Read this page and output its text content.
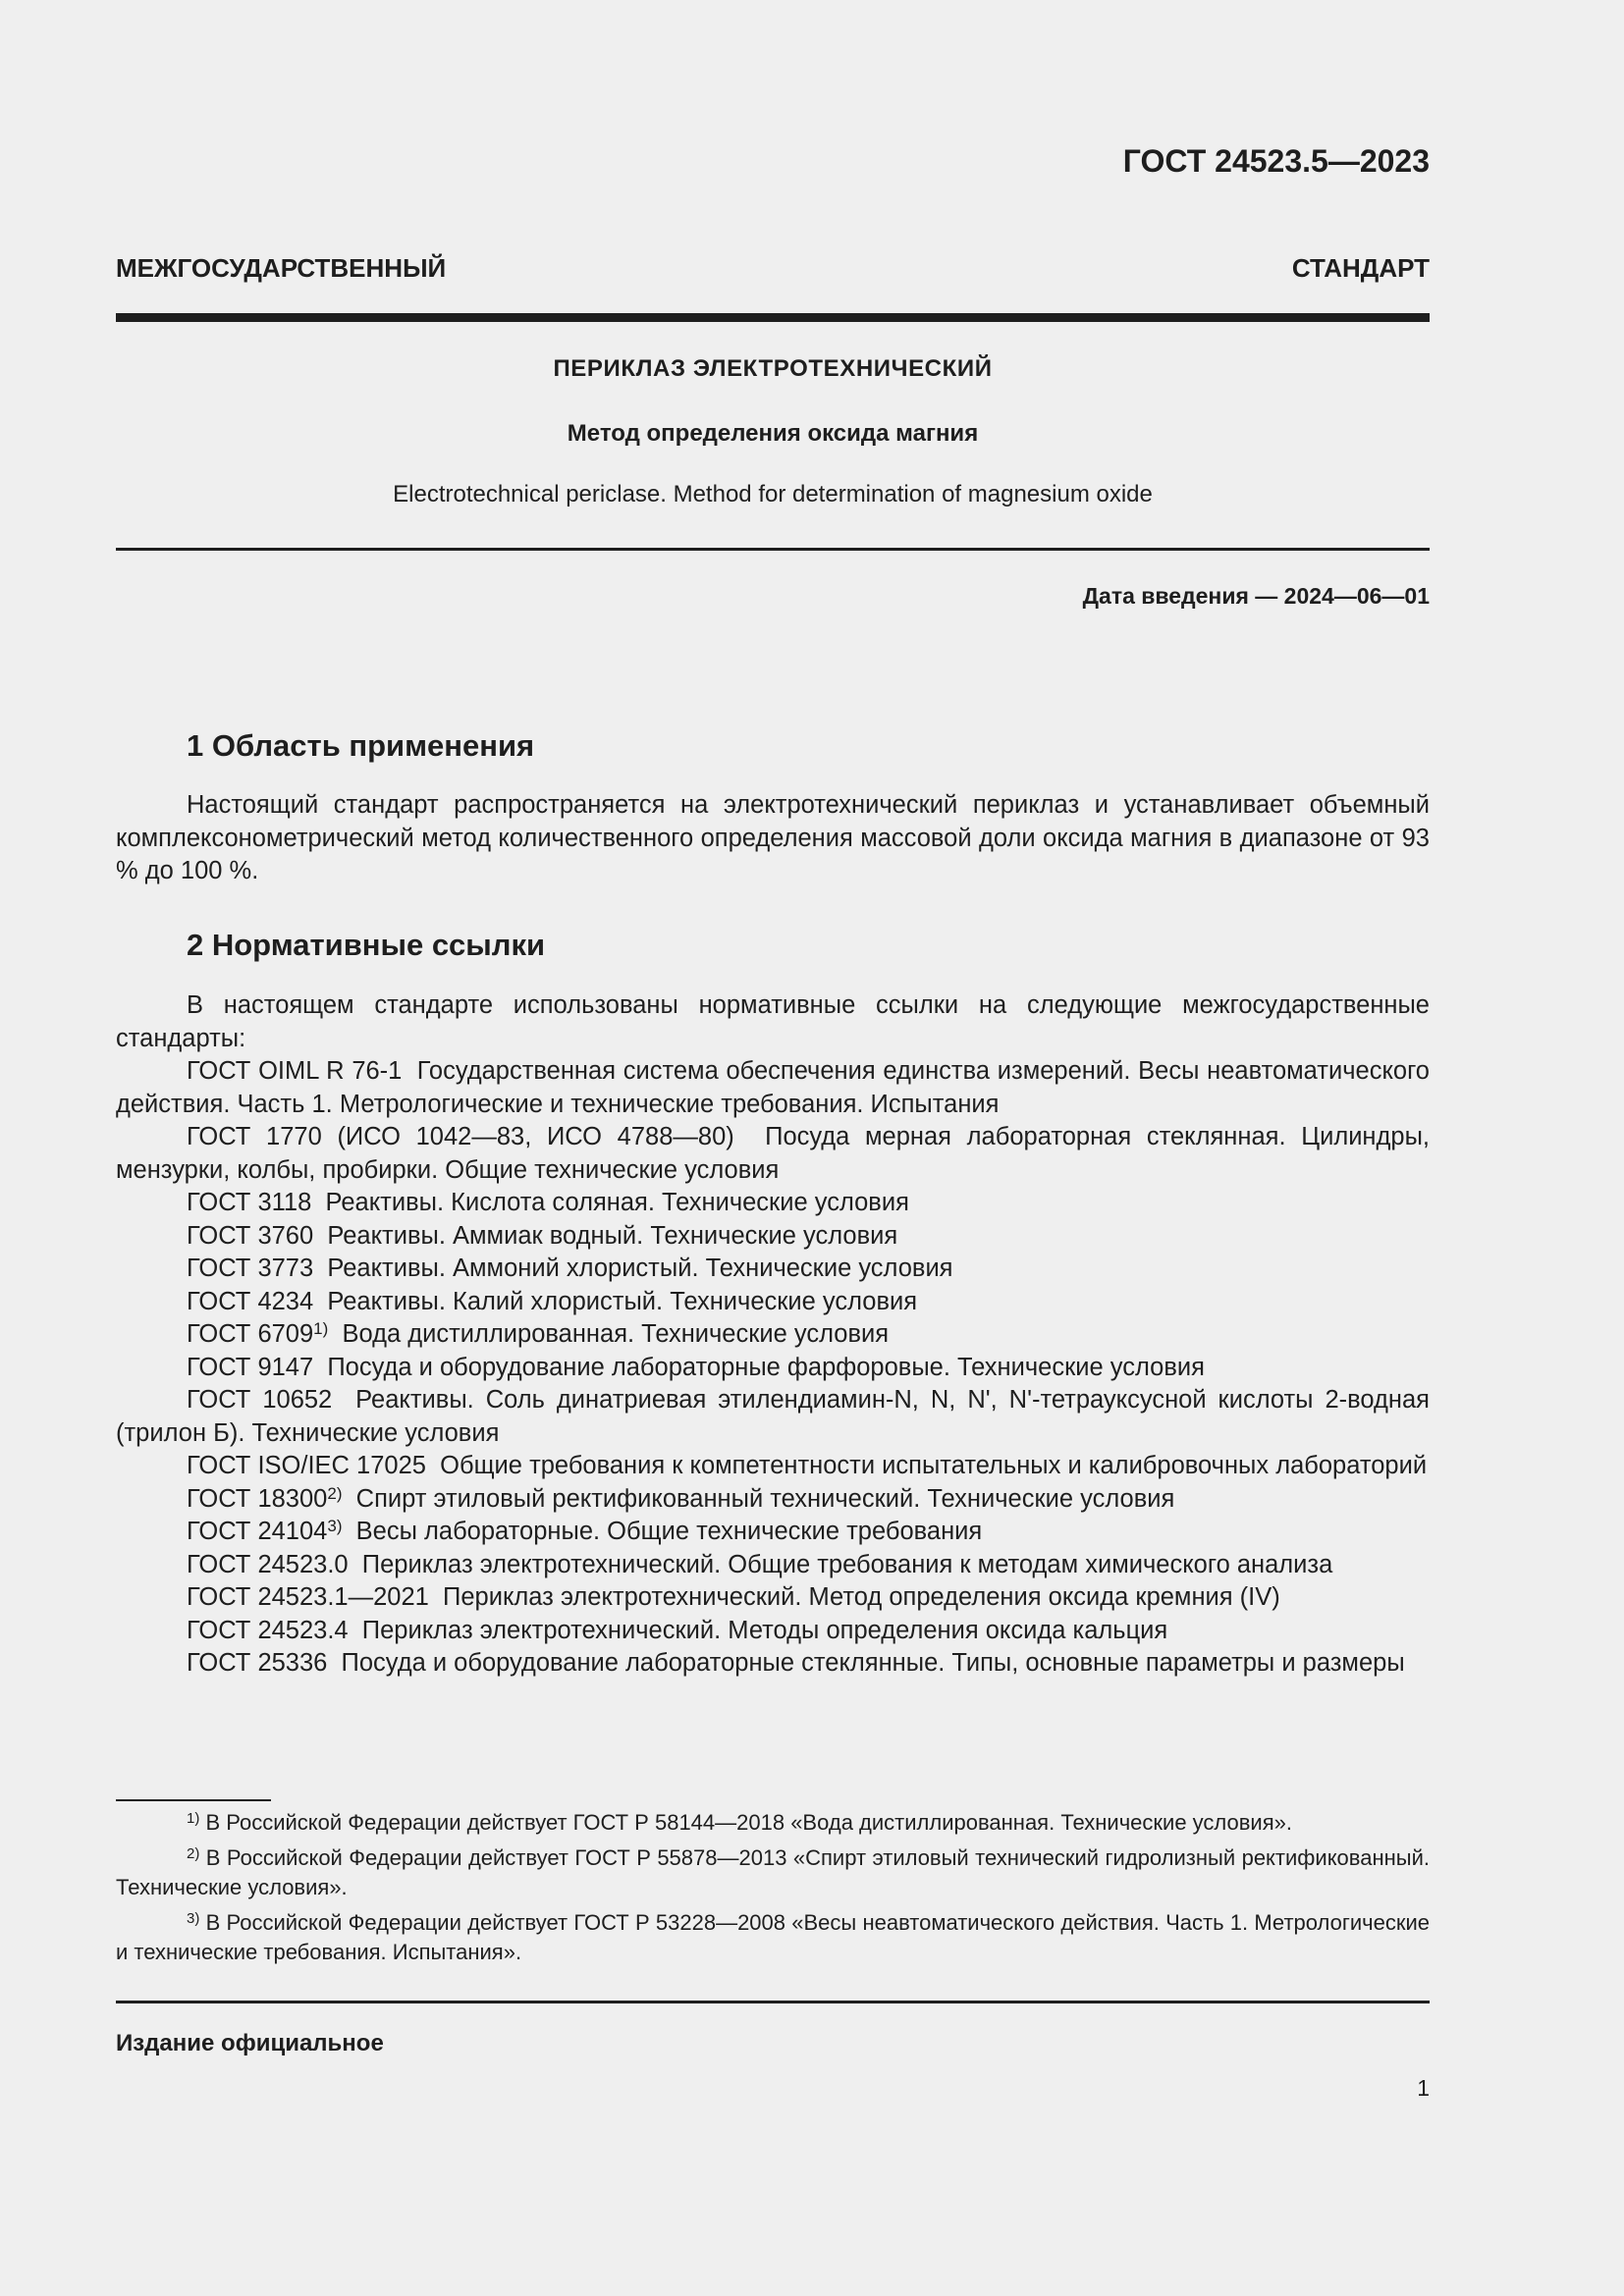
ГОСТ 24523.5—2023
МЕЖГОСУДАРСТВЕННЫЙ СТАНДАРТ
ПЕРИКЛАЗ ЭЛЕКТРОТЕХНИЧЕСКИЙ
Метод определения оксида магния
Electrotechnical periclase. Method for determination of magnesium oxide
Дата введения — 2024—06—01
1 Область применения

Настоящий стандарт распространяется на электротехнический периклаз и устанавливает объемный комплексонометрический метод количественного определения массовой доли оксида магния в диапазоне от 93 % до 100 %.

2 Нормативные ссылки

В настоящем стандарте использованы нормативные ссылки на следующие межгосударственные стандарты:

ГОСТ OIML R 76-1 Государственная система обеспечения единства измерений. Весы неавтоматического действия. Часть 1. Метрологические и технические требования. Испытания

ГОСТ 1770 (ИСО 1042—83, ИСО 4788—80) Посуда мерная лабораторная стеклянная. Цилиндры, мензурки, колбы, пробирки. Общие технические условия

ГОСТ 3118 Реактивы. Кислота соляная. Технические условия

ГОСТ 3760 Реактивы. Аммиак водный. Технические условия

ГОСТ 3773 Реактивы. Аммоний хлористый. Технические условия

ГОСТ 4234 Реактивы. Калий хлористый. Технические условия

ГОСТ 6709$^{1)}$ Вода дистиллированная. Технические условия

ГОСТ 9147 Посуда и оборудование лабораторные фарфоровые. Технические условия

ГОСТ 10652 Реактивы. Соль динатриевая этилендиамин-N, N, N', N'-тетрауксусной кислоты 2-водная (трилон Б). Технические условия

ГОСТ ISO/IEC 17025 Общие требования к компетентности испытательных и калибровочных лабораторий

ГОСТ 18300$^{2)}$ Спирт этиловый ректификованный технический. Технические условия

ГОСТ 24104$^{3)}$ Весы лабораторные. Общие технические требования

ГОСТ 24523.0 Периклаз электротехнический. Общие требования к методам химического анализа

ГОСТ 24523.1—2021 Периклаз электротехнический. Метод определения оксида кремния (IV)

ГОСТ 24523.4 Периклаз электротехнический. Методы определения оксида кальция

ГОСТ 25336 Посуда и оборудование лабораторные стеклянные. Типы, основные параметры и размеры

$^{1)}$ В Российской Федерации действует ГОСТ Р 58144—2018 «Вода дистиллированная. Технические условия».

$^{2)}$ В Российской Федерации действует ГОСТ Р 55878—2013 «Спирт этиловый технический гидролизный ректификованный. Технические условия».

$^{3)}$ В Российской Федерации действует ГОСТ Р 53228—2008 «Весы неавтоматического действия. Часть 1. Метрологические и технические требования. Испытания».

Издание официальное
1
